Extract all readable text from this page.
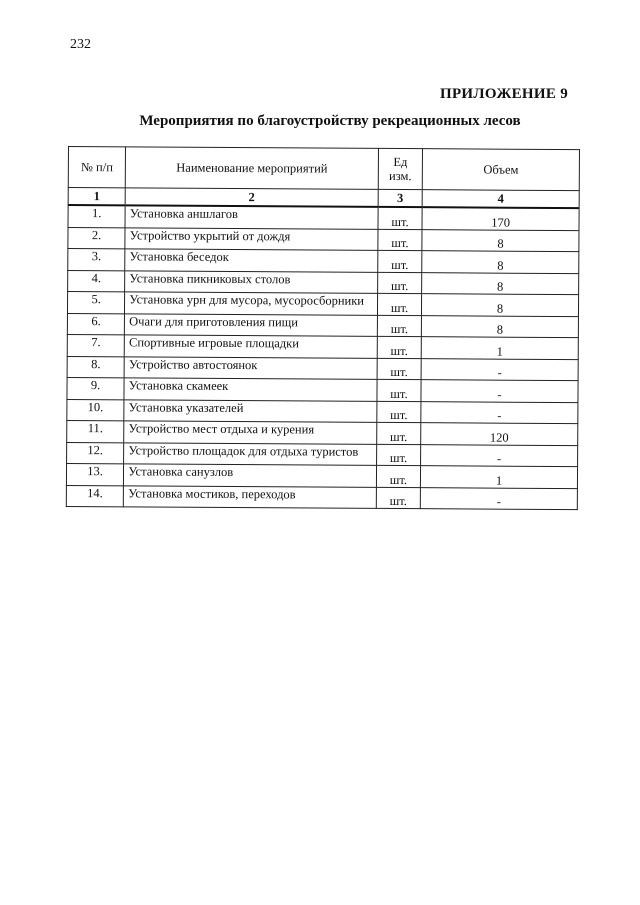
232
ПРИЛОЖЕНИЕ 9
Мероприятия по благоустройству рекреационных лесов
№ п/п	Наименование мероприятий	Ед изм.	Объем
1	2	3	4
1.	Установка аншлагов	шт.	170
2.	Устройство укрытий от дождя	шт.	8
3.	Установка беседок	шт.	8
4.	Установка пикниковых столов	шт.	8
5.	Установка урн для мусора, мусоросборники	шт.	8
6.	Очаги для приготовления пищи	шт.	8
7.	Спортивные игровые площадки	шт.	1
8.	Устройство автостоянок	шт.	-
9.	Установка скамеек	шт.	-
10.	Установка указателей	шт.	-
11.	Устройство мест отдыха и курения	шт.	120
12.	Устройство площадок для отдыха туристов	шт.	-
13.	Установка санузлов	шт.	1
14.	Установка мостиков, переходов	шт.	-
